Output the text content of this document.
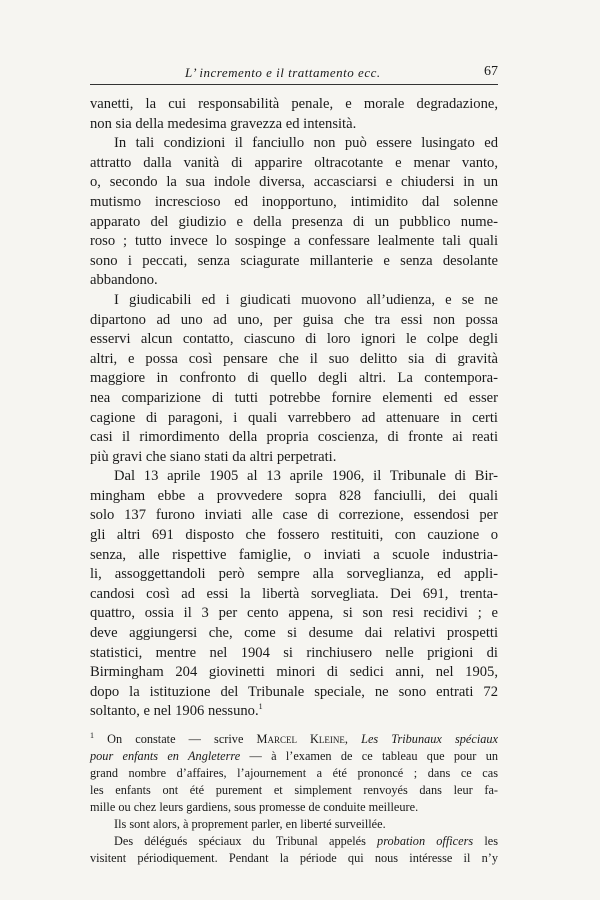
L’ incremento e il trattamento ecc.	67

vanetti, la cui responsabilità penale, e morale degradazione,
non sia della medesima gravezza ed intensità.

In tali condizioni il fanciullo non può essere lusingato ed
attratto dalla vanità di apparire oltracotante e menar vanto,
o, secondo la sua indole diversa, accasciarsi e chiudersi in un
mutismo increscioso ed inopportuno, intimidito dal solenne
apparato del giudizio e della presenza di un pubblico nume-
roso ; tutto invece lo sospinge a confessare lealmente tali quali
sono i peccati, senza sciagurate millanterie e senza desolante
abbandono.

I giudicabili ed i giudicati muovono all’udienza, e se ne
dipartono ad uno ad uno, per guisa che tra essi non possa
esservi alcun contatto, ciascuno di loro ignori le colpe degli
altri, e possa così pensare che il suo delitto sia di gravità
maggiore in confronto di quello degli altri. La contempora-
nea comparizione di tutti potrebbe fornire elementi ed esser
cagione di paragoni, i quali varrebbero ad attenuare in certi
casi il rimordimento della propria coscienza, di fronte ai reati
più gravi che siano stati da altri perpetrati.

Dal 13 aprile 1905 al 13 aprile 1906, il Tribunale di Bir-
mingham ebbe a provvedere sopra 828 fanciulli, dei quali
solo 137 furono inviati alle case di correzione, essendosi per
gli altri 691 disposto che fossero restituiti, con cauzione o
senza, alle rispettive famiglie, o inviati a scuole industria-
li, assoggettandoli però sempre alla sorveglianza, ed appli-
candosi così ad essi la libertà sorvegliata. Dei 691, trenta-
quattro, ossia il 3 per cento appena, si son resi recidivi ; e
deve aggiungersi che, come si desume dai relativi prospetti
statistici, mentre nel 1904 si rinchiusero nelle prigioni di
Birmingham 204 giovinetti minori di sedici anni, nel 1905,
dopo la istituzione del Tribunale speciale, ne sono entrati 72
soltanto, e nel 1906 nessuno.$^1$

$^1$ On constate — scrive Marcel Kleine, Les Tribunaux spéciaux
pour enfants en Angleterre — à l’examen de ce tableau que pour un
grand nombre d’affaires, l’ajournement a été prononcé ; dans ce cas
les enfants ont été purement et simplement renvoyés dans leur fa-
mille ou chez leurs gardiens, sous promesse de conduite meilleure.

Ils sont alors, à proprement parler, en liberté surveillée.

Des délégués spéciaux du Tribunal appelés probation officers les
visitent périodiquement. Pendant la période qui nous intéresse il n’y
